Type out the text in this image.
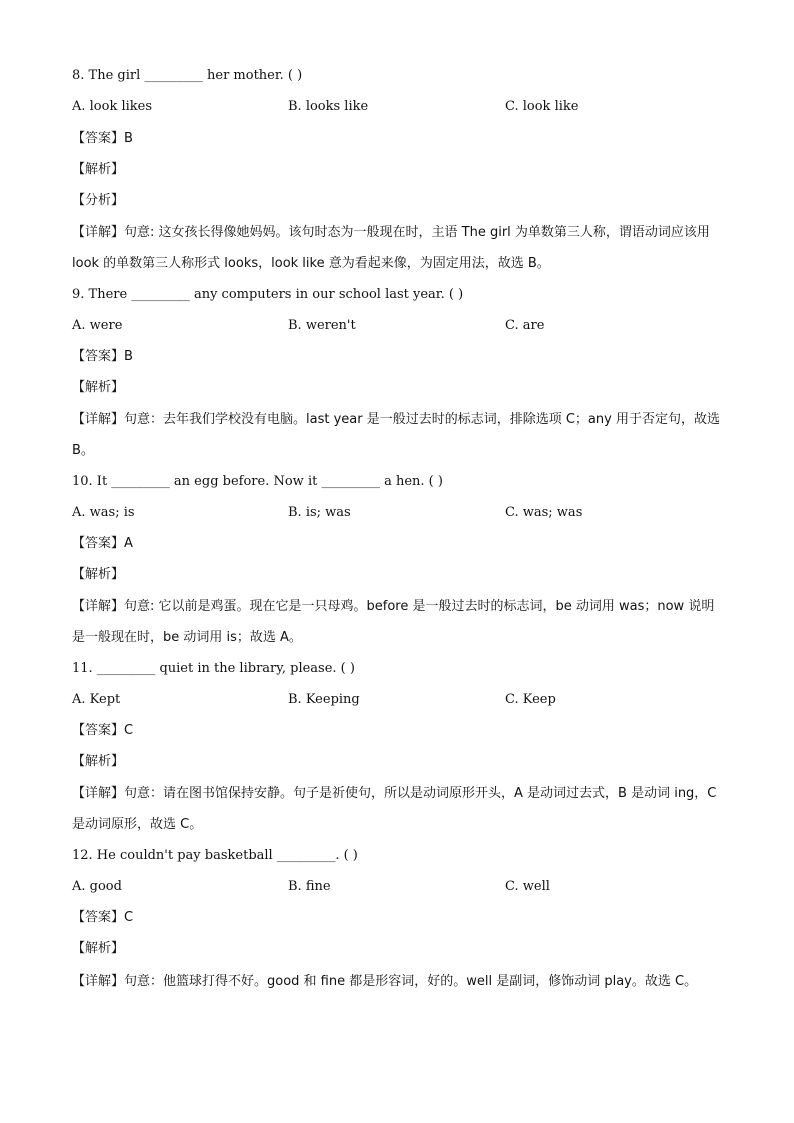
8. The girl _________ her mother. ( )
A. look likes	B. looks like	C. look like
【答案】B
【解析】
【分析】
【详解】句意: 这女孩长得像她妈妈。该句时态为一般现在时，主语 The girl 为单数第三人称，谓语动词应该用 look 的单数第三人称形式 looks，look like 意为看起来像，为固定用法，故选 B。
9. There _________ any computers in our school last year. ( )
A. were	B. weren't	C. are
【答案】B
【解析】
【详解】句意：去年我们学校没有电脑。last year 是一般过去时的标志词，排除选项 C；any 用于否定句，故选 B。
10. It _________ an egg before. Now it _________ a hen. ( )
A. was; is	B. is; was	C. was; was
【答案】A
【解析】
【详解】句意: 它以前是鸡蛋。现在它是一只母鸡。before 是一般过去时的标志词，be 动词用 was；now 说明是一般现在时，be 动词用 is；故选 A。
11. _________ quiet in the library, please. ( )
A. Kept	B. Keeping	C. Keep
【答案】C
【解析】
【详解】句意：请在图书馆保持安静。句子是祈使句，所以是动词原形开头，A 是动词过去式，B 是动词 ing，C 是动词原形，故选 C。
12. He couldn't pay basketball _________. ( )
A. good	B. fine	C. well
【答案】C
【解析】
【详解】句意：他篮球打得不好。good 和 fine 都是形容词，好的。well 是副词，修饰动词 play。故选 C。
